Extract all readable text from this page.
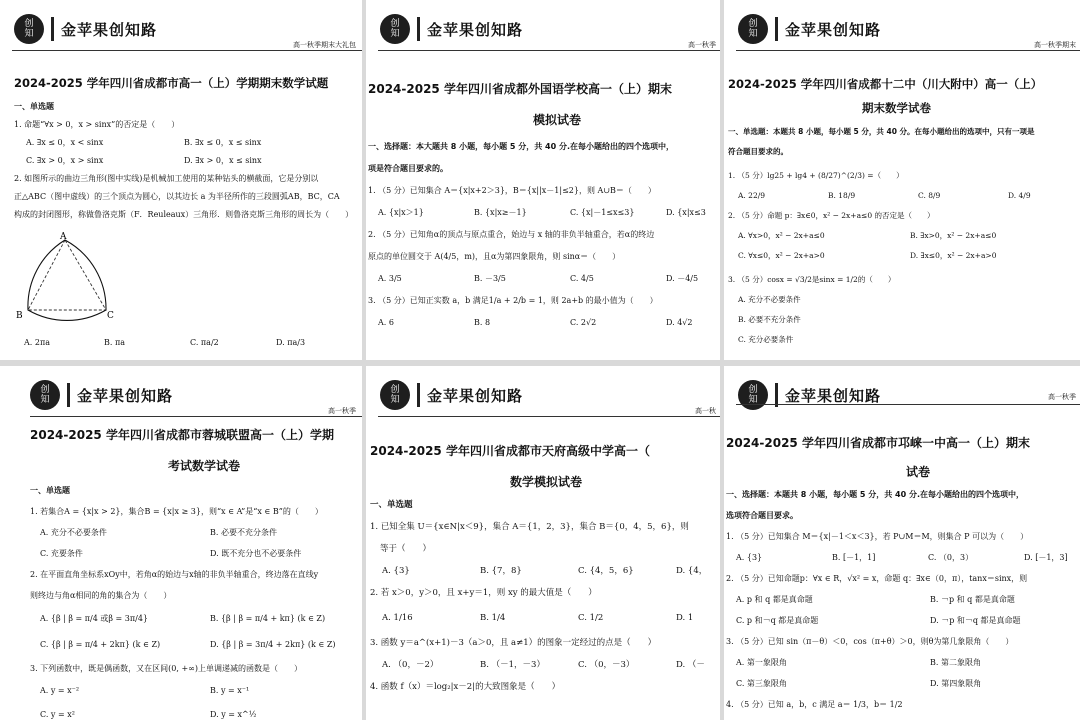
创
知 金苹果创知路
高一秋季期末大礼包
2024-2025 学年四川省成都市高一（上）学期期末数学试题
一、单选题
1. 命题“∀x > 0，x > sinx”的否定是（　　）
A. ∃x ≤ 0，x < sinx	B. ∃x ≤ 0，x ≤ sinx
C. ∃x > 0，x > sinx	D. ∃x > 0，x ≤ sinx
2. 如图所示的曲边三角形(图中实线)是机械加工使用的某种钻头的横截面，它是分别以
正△ABC（图中虚线）的三个顶点为圆心，以其边长 a 为半径所作的三段圆弧AB，BC，CA
构成的封闭图形，称做鲁洛克斯（F．Reuleaux）三角形．则鲁洛克斯三角形的周长为（　　）
A
B	C
A. 2πa	B. πa	C. πa/2	D. πa/3
创
知 金苹果创知路
高一秋季
2024-2025 学年四川省成都外国语学校高一（上）期末
模拟试卷
一、选择题：本大题共 8 小题，每小题 5 分，共 40 分.在每小题给出的四个选项中，
项是符合题目要求的。
1. （5 分）已知集合 A＝{x|x+2＞3}，B＝{x||x－1|≤2}，则 A∪B＝（　　）
A. {x|x＞1}	B. {x|x≥－1}	C. {x|－1≤x≤3}	D. {x|x≤3
2. （5 分）已知角α的顶点与原点重合，始边与 x 轴的非负半轴重合，若α的终边
原点的单位圆交于 A(4/5，m)，且α为第四象限角，则 sinα＝（　　）
A. 3/5	B. －3/5	C. 4/5	D. －4/5
3. （5 分）已知正实数 a，b 满足1/a + 2/b = 1，则 2a+b 的最小值为（　　）
A. 6	B. 8	C. 2√2	D. 4√2
创
知 金苹果创知路
高一秋季期末
2024-2025 学年四川省成都十二中（川大附中）高一（上）
期末数学试卷
一、单选题：本题共 8 小题，每小题 5 分，共 40 分。在每小题给出的选项中，只有一项是
符合题目要求的。
1. （5 分）lg25 + lg4 + (8/27)^(2/3) =（　　）
A. 22/9	B. 18/9	C. 8/9	D. 4/9
2. （5 分）命题 p：∃x∈0，x² − 2x+a≤0 的否定是（　　）
A. ∀x>0，x² − 2x+a≤0	B. ∃x>0，x² − 2x+a≤0
C. ∀x≤0，x² − 2x+a>0	D. ∃x≤0，x² − 2x+a>0
3. （5 分）cosx = √3/2是sinx = 1/2的（　　）
A. 充分不必要条件
B. 必要不充分条件
C. 充分必要条件
创
知 金苹果创知路
高一秋季
2024-2025 学年四川省成都市蓉城联盟高一（上）学期
考试数学试卷
一、单选题
1. 若集合A = {x|x > 2}，集合B = {x|x ≥ 3}，则“x ∈ A”是“x ∈ B”的（　　）
A. 充分不必要条件	B. 必要不充分条件
C. 充要条件	D. 既不充分也不必要条件
2. 在平面直角坐标系xOy中，若角α的始边与x轴的非负半轴重合，终边落在直线y
则终边与角α相同的角的集合为（　　）
A. {β | β = π/4 或β = 3π/4}	B. {β | β = π/4 + kπ} (k ∈ Z)
C. {β | β = π/4 + 2kπ} (k ∈ Z)	D. {β | β = 3π/4 + 2kπ} (k ∈ Z)
3. 下列函数中，既是偶函数，又在区间(0, +∞)上单调递减的函数是（　　）
A. y = x⁻²	B. y = x⁻¹
C. y = x²	D. y = x^½
创
知 金苹果创知路
高一秋
2024-2025 学年四川省成都市天府高级中学高一（
数学模拟试卷
一、单选题
1. 已知全集 U＝{x∈N|x＜9}，集合 A＝{1，2，3}，集合 B＝{0，4，5，6}，则
等于（　　）
A. {3}	B. {7，8}	C. {4，5，6}	D. {4，
2. 若 x＞0，y＞0，且 x+y＝1，则 xy 的最大值是（　　）
A. 1/16	B. 1/4	C. 1/2	D. 1
3. 函数 y＝a^(x+1)－3（a＞0，且 a≠1）的图象一定经过的点是（　　）
A. （0，－2）	B. （－1，－3）	C. （0，－3）	D. （－
4. 函数 f（x）＝log₂|x－2|的大致图象是（　　）
创
知 金苹果创知路	高一秋季
2024-2025 学年四川省成都市邛崃一中高一（上）期末
试卷
一、选择题：本题共 8 小题，每小题 5 分，共 40 分.在每小题给出的四个选项中，
选项符合题目要求。
1. （5 分）已知集合 M＝{x|－1＜x＜3}，若 P∪M＝M，则集合 P 可以为（　　）
A. {3}	B. [－1，1]	C. （0，3）	D. [－1，3]
2. （5 分）已知命题p：∀x ∈ R，√x² = x，命题 q：∃x∈（0，π），tanx＝sinx，则
A. p 和 q 都是真命题	B. ￢p 和 q 都是真命题
C. p 和￢q 都是真命题	D. ￢p 和￢q 都是真命题
3. （5 分）已知 sin（π－θ）＜0，cos（π+θ）＞0，则θ为第几象限角（　　）
A. 第一象限角	B. 第二象限角
C. 第三象限角	D. 第四象限角
4. （5 分）已知 a，b，c 满足 a＝ 1/3，b＝ 1/2
